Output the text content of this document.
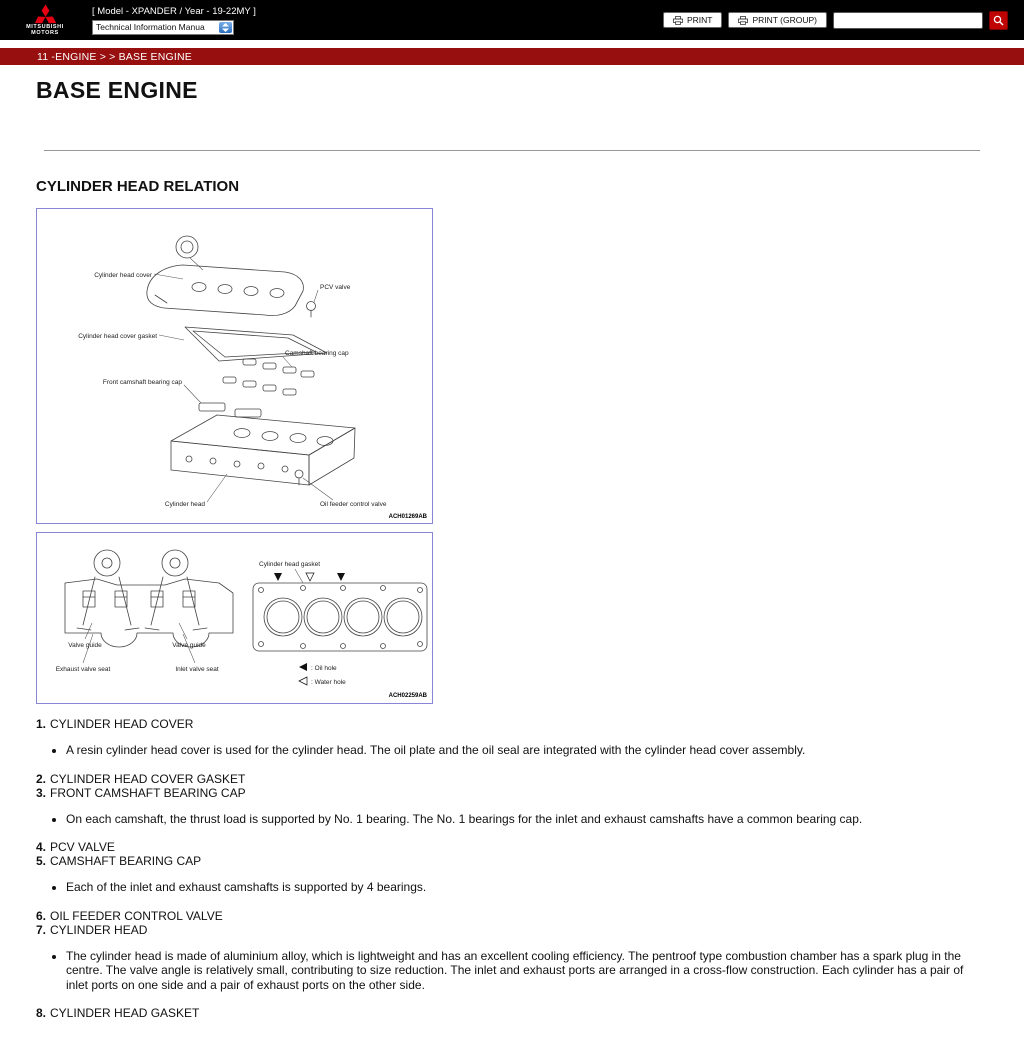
MITSUBISHI
MOTORS
[ Model - XPANDER / Year - 19-22MY ]
Technical Information Manua
PRINT	PRINT (GROUP)
11 -ENGINE > > BASE ENGINE
BASE ENGINE
CYLINDER HEAD RELATION
Cylinder head cover
PCV valve
Cylinder head cover gasket
Camshaft bearing cap
Front camshaft bearing cap
Cylinder head	Oil feeder control valve
ACH01269AB
Valve guide	Valve guide
Exhaust valve seat	Inlet valve seat
Cylinder head gasket
: Oil hole
: Water hole
ACH02259AB
1. CYLINDER HEAD COVER
• A resin cylinder head cover is used for the cylinder head. The oil plate and the oil seal are integrated with the cylinder head cover assembly.
2. CYLINDER HEAD COVER GASKET
3. FRONT CAMSHAFT BEARING CAP
• On each camshaft, the thrust load is supported by No. 1 bearing. The No. 1 bearings for the inlet and exhaust camshafts have a common bearing cap.
4. PCV VALVE
5. CAMSHAFT BEARING CAP
• Each of the inlet and exhaust camshafts is supported by 4 bearings.
6. OIL FEEDER CONTROL VALVE
7. CYLINDER HEAD
• The cylinder head is made of aluminium alloy, which is lightweight and has an excellent cooling efficiency. The pentroof type combustion chamber has a spark plug in the centre. The valve angle is relatively small, contributing to size reduction. The inlet and exhaust ports are arranged in a cross-flow construction. Each cylinder has a pair of inlet ports on one side and a pair of exhaust ports on the other side.
8. CYLINDER HEAD GASKET
